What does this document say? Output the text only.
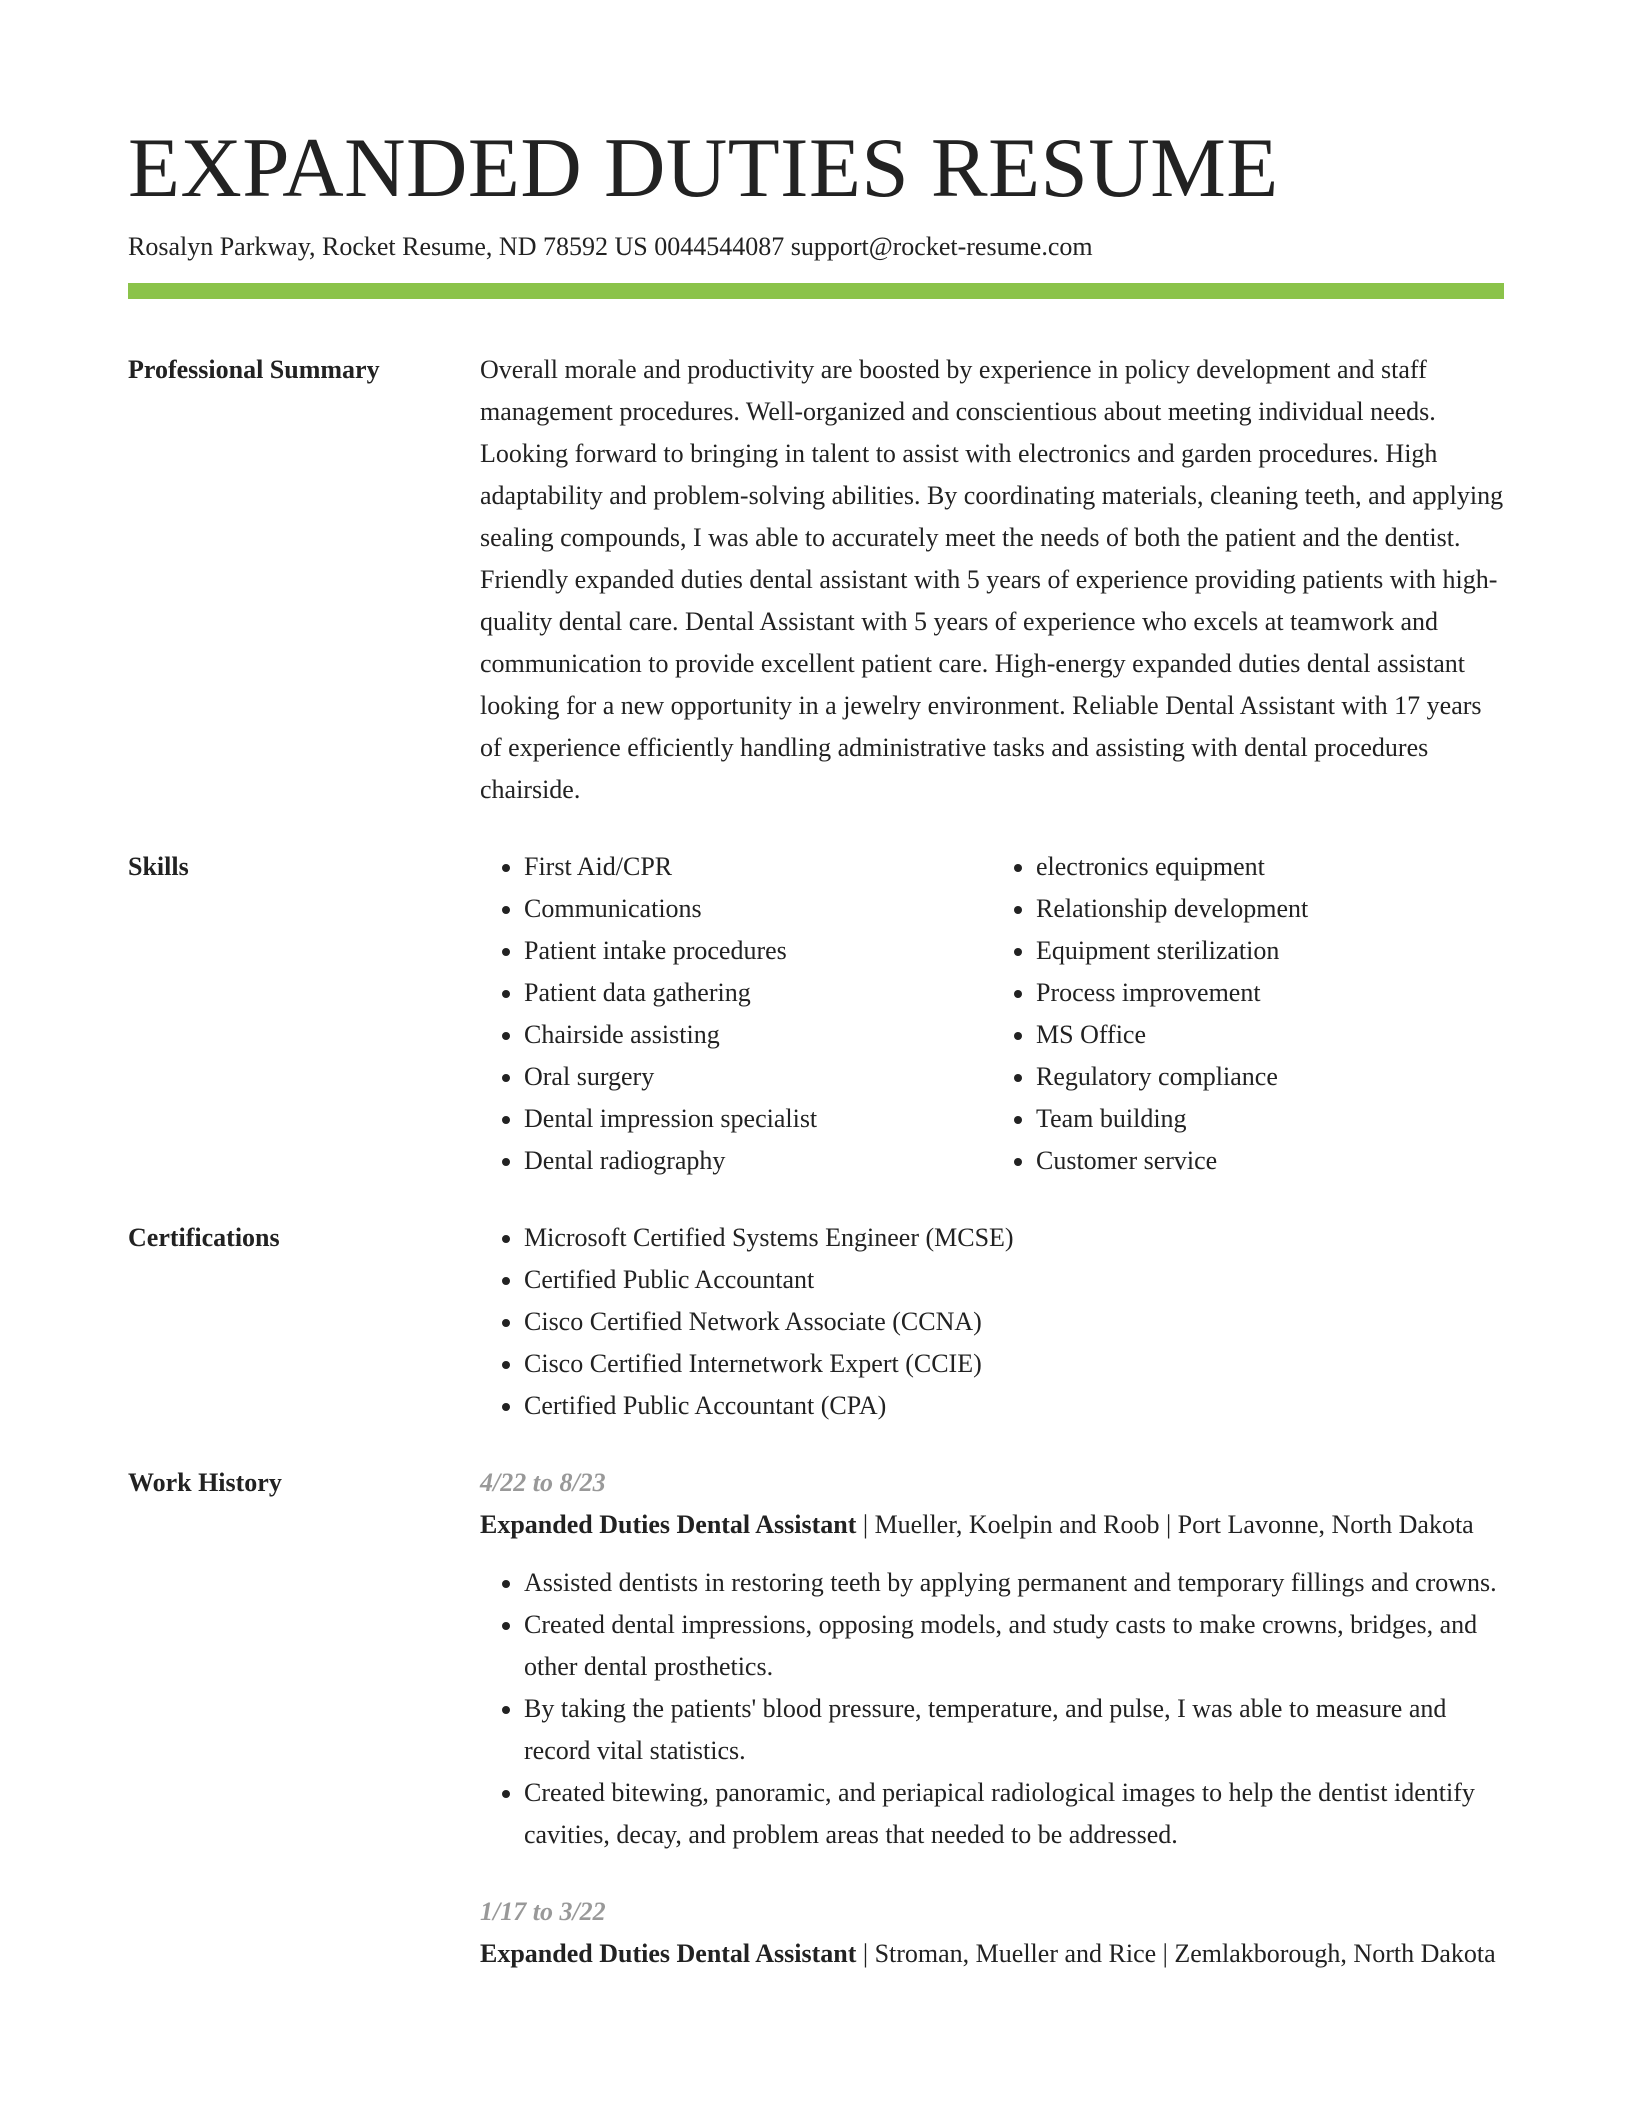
EXPANDED DUTIES RESUME
Rosalyn Parkway, Rocket Resume, ND 78592 US 0044544087 support@rocket-resume.com
Professional Summary	Overall morale and productivity are boosted by experience in policy development and staff management procedures. Well-organized and conscientious about meeting individual needs. Looking forward to bringing in talent to assist with electronics and garden procedures. High adaptability and problem-solving abilities. By coordinating materials, cleaning teeth, and applying sealing compounds, I was able to accurately meet the needs of both the patient and the dentist. Friendly expanded duties dental assistant with 5 years of experience providing patients with high-quality dental care. Dental Assistant with 5 years of experience who excels at teamwork and communication to provide excellent patient care. High-energy expanded duties dental assistant looking for a new opportunity in a jewelry environment. Reliable Dental Assistant with 17 years of experience efficiently handling administrative tasks and assisting with dental procedures chairside.

Skills	• First Aid/CPR
• Communications
• Patient intake procedures
• Patient data gathering
• Chairside assisting
• Oral surgery
• Dental impression specialist
• Dental radiography
• electronics equipment
• Relationship development
• Equipment sterilization
• Process improvement
• MS Office
• Regulatory compliance
• Team building
• Customer service
Certifications	• Microsoft Certified Systems Engineer (MCSE)
• Certified Public Accountant
• Cisco Certified Network Associate (CCNA)
• Cisco Certified Internetwork Expert (CCIE)
• Certified Public Accountant (CPA)
Work History	4/22 to 8/23
Expanded Duties Dental Assistant | Mueller, Koelpin and Roob | Port Lavonne, North Dakota
• Assisted dentists in restoring teeth by applying permanent and temporary fillings and crowns.
• Created dental impressions, opposing models, and study casts to make crowns, bridges, and other dental prosthetics.
• By taking the patients' blood pressure, temperature, and pulse, I was able to measure and record vital statistics.
• Created bitewing, panoramic, and periapical radiological images to help the dentist identify cavities, decay, and problem areas that needed to be addressed.
1/17 to 3/22
Expanded Duties Dental Assistant | Stroman, Mueller and Rice | Zemlakborough, North Dakota
